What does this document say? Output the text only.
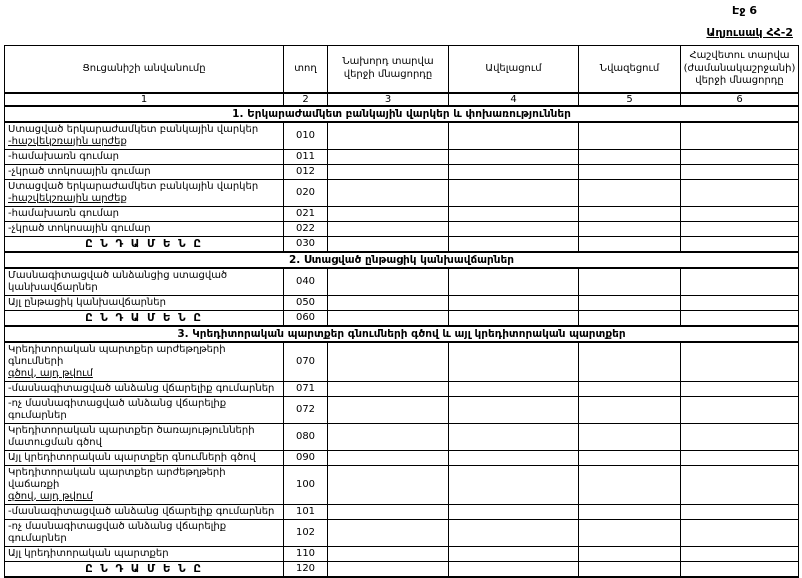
Էջ 6
Աղյուսակ ՀՀ-2
Ցուցանիշի անվանումը	տող	Նախորդ տարվա վերջի մնացորդը	Ավելացում	Նվազեցում	Հաշվետու տարվա (ժամանակաշրջանի) վերջի մնացորդը
1	2	3	4	5	6
1. Երկարաժամկետ բանկային վարկեր և փոխառություններ					

Ստացված երկարաժամկետ բանկային վարկեր
-հաշվեկշռային արժեք	010				

-համախառն գումար	011				

-չկրած տոկոսային գումար	012				

Ստացված երկարաժամկետ բանկային վարկեր
-հաշվեկշռային արժեք	020				

-համախառն գումար	021				

-չկրած տոկոսային գումար	022				
Ը Ն Դ Ա Մ Ե Ն Ը	030				
2. Ստացված ընթացիկ կանխավճարներ					

Մասնագիտացված անձանցից ստացված
կանխավճարներ	040				

Այլ ընթացիկ կանխավճարներ	050				
Ը Ն Դ Ա Մ Ե Ն Ը	060				
3. Կրեդիտորական պարտքեր գնումների գծով և այլ կրեդիտորական պարտքեր					

Կրեդիտորական պարտքեր արժեթղթերի գնումների
գծով, այդ թվում	070				

-մասնագիտացված անձանց վճարելիք գումարներ	071				

-ոչ մասնագիտացված անձանց վճարելիք գումարներ	072				

Կրեդիտորական պարտքեր ծառայությունների
մատուցման գծով	080				

Այլ կրեդիտորական պարտքեր գնումների գծով	090				

Կրեդիտորական պարտքեր արժեթղթերի վաճառքի
գծով, այդ թվում	100				

-մասնագիտացված անձանց վճարելիք գումարներ	101				

-ոչ մասնագիտացված անձանց վճարելիք գումարներ	102				

Այլ կրեդիտորական պարտքեր	110				
Ը Ն Դ Ա Մ Ե Ն Ը	120				
